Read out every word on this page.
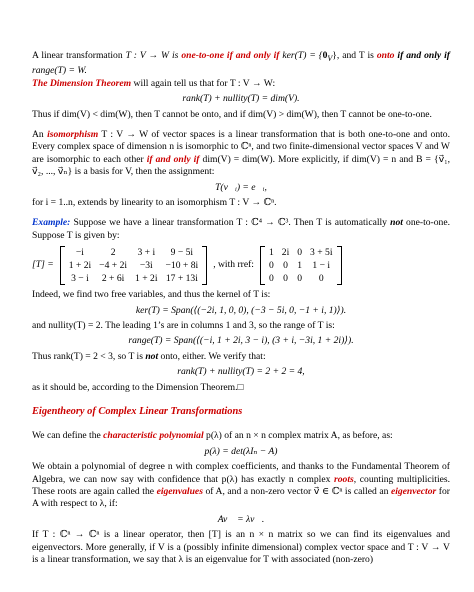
A linear transformation T : V → W is one-to-one if and only if $ker(T) = \{0_V\}$, and T is onto if and only if range(T) = W.

The Dimension Theorem will again tell us that for T : V → W:

rank(T) + nullity(T) = dim(V).

Thus if dim(V) < dim(W), then T cannot be onto, and if dim(V) > dim(W), then T cannot be one-to-one.

An isomorphism T : V → W of vector spaces is a linear transformation that is both one-to-one and onto. Every complex space of dimension n is isomorphic to ℂⁿ, and two finite-dimensional vector spaces V and W are isomorphic to each other if and only if dim(V) = dim(W). More explicitly, if dim(V) = n and B = {v⃗₁, v⃗₂, ..., v⃗ₙ} is a basis for V, then the assignment:

T(v⃗ᵢ) = e⃗ᵢ,

for i = 1..n, extends by linearity to an isomorphism T : V → ℂⁿ.

Example: Suppose we have a linear transformation T : ℂ⁴ → ℂ³. Then T is automatically not one-to-one. Suppose T is given by:

[T] =
−i	2	3 + i	9 − 5i
1 + 2i	−4 + 2i	−3i	−10 + 8i
3 − i	2 + 6i	1 + 2i	17 + 13i
, with rref:
1	2i	0	3 + 5i
0	0	1	1 − i
0	0	0	0

Indeed, we find two free variables, and thus the kernel of T is:

ker(T) = Span(⟨(−2i, 1, 0, 0), (−3 − 5i, 0, −1 + i, 1)⟩).

and nullity(T) = 2. The leading 1’s are in columns 1 and 3, so the range of T is:

range(T) = Span(⟨(−i, 1 + 2i, 3 − i), (3 + i, −3i, 1 + 2i)⟩).

Thus rank(T) = 2 < 3, so T is not onto, either. We verify that:

rank(T) + nullity(T) = 2 + 2 = 4,

as it should be, according to the Dimension Theorem.□

Eigentheory of Complex Linear Transformations

We can define the characteristic polynomial p(λ) of an n × n complex matrix A, as before, as:

p(λ) = det(λIₙ − A)

We obtain a polynomial of degree n with complex coefficients, and thanks to the Fundamental Theorem of Algebra, we can now say with confidence that p(λ) has exactly n complex roots, counting multiplicities. These roots are again called the eigenvalues of A, and a non-zero vector v⃗ ∈ ℂⁿ is called an eigenvector for A with respect to λ, if:

Av⃗ = λv⃗.

If T : ℂⁿ → ℂⁿ is a linear operator, then [T] is an n × n matrix so we can find its eigenvalues and eigenvectors. More generally, if V is a (possibly infinite dimensional) complex vector space and T : V → V is a linear transformation, we say that λ is an eigenvalue for T with associated (non-zero)
